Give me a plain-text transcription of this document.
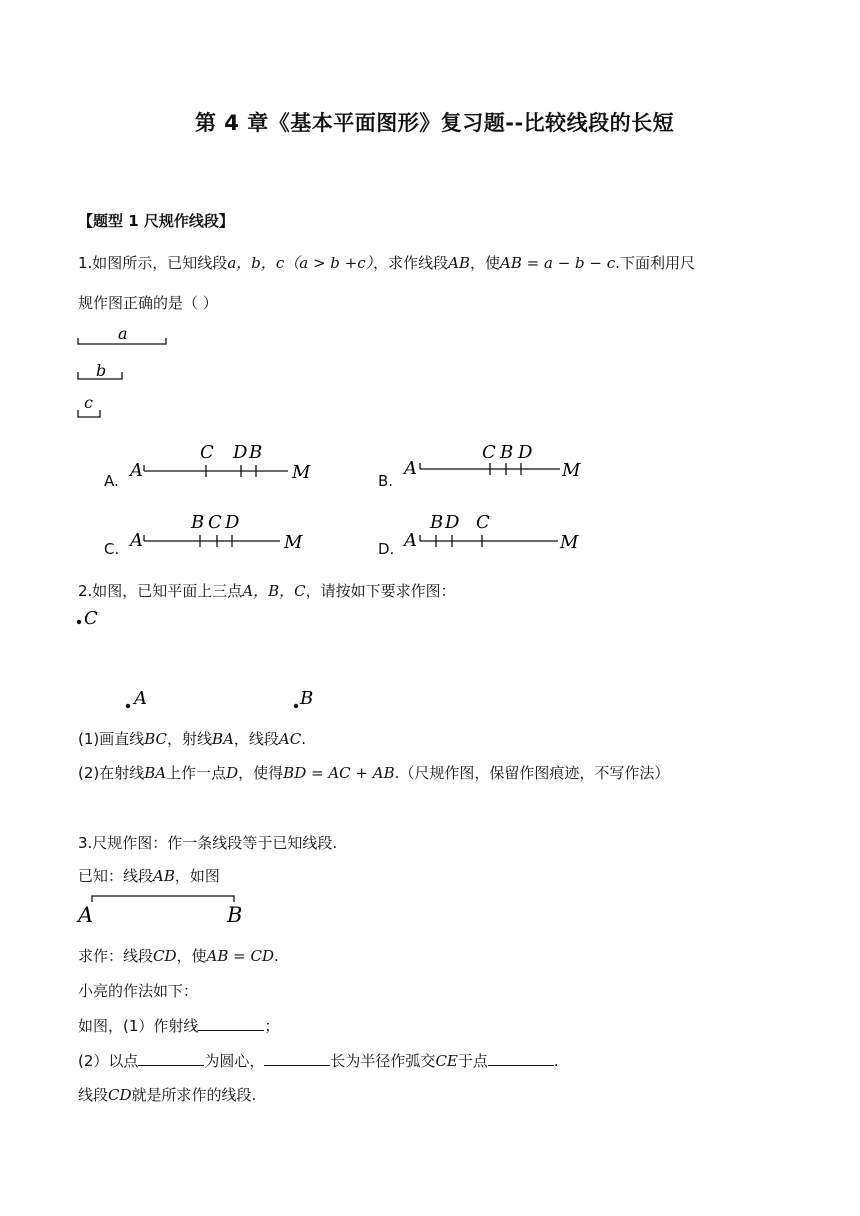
第 4 章《基本平面图形》复习题--比较线段的长短
【题型 1 尺规作线段】
1.如图所示，已知线段a，b，c（a > b +c），求作线段AB，使AB = a − b − c.下面利用尺
规作图正确的是（ ）
a
b
c
A. A
C D B
M	B.
A
C B D
M
C. A
B C D
M	D. A
B D C
M
2.如图，已知平面上三点A，B，C，请按如下要求作图：
C
A	B
(1)画直线BC，射线BA，线段AC.
(2)在射线BA上作一点D，使得BD = AC + AB.（尺规作图，保留作图痕迹，不写作法）
3.尺规作图：作一条线段等于已知线段.
已知：线段AB，如图
A	B
求作：线段CD，使AB = CD.
小亮的作法如下：
如图，(1）作射线	；
(2）以点	为圆心，	长为半径作弧交CE于点	.
线段CD就是所求作的线段.
